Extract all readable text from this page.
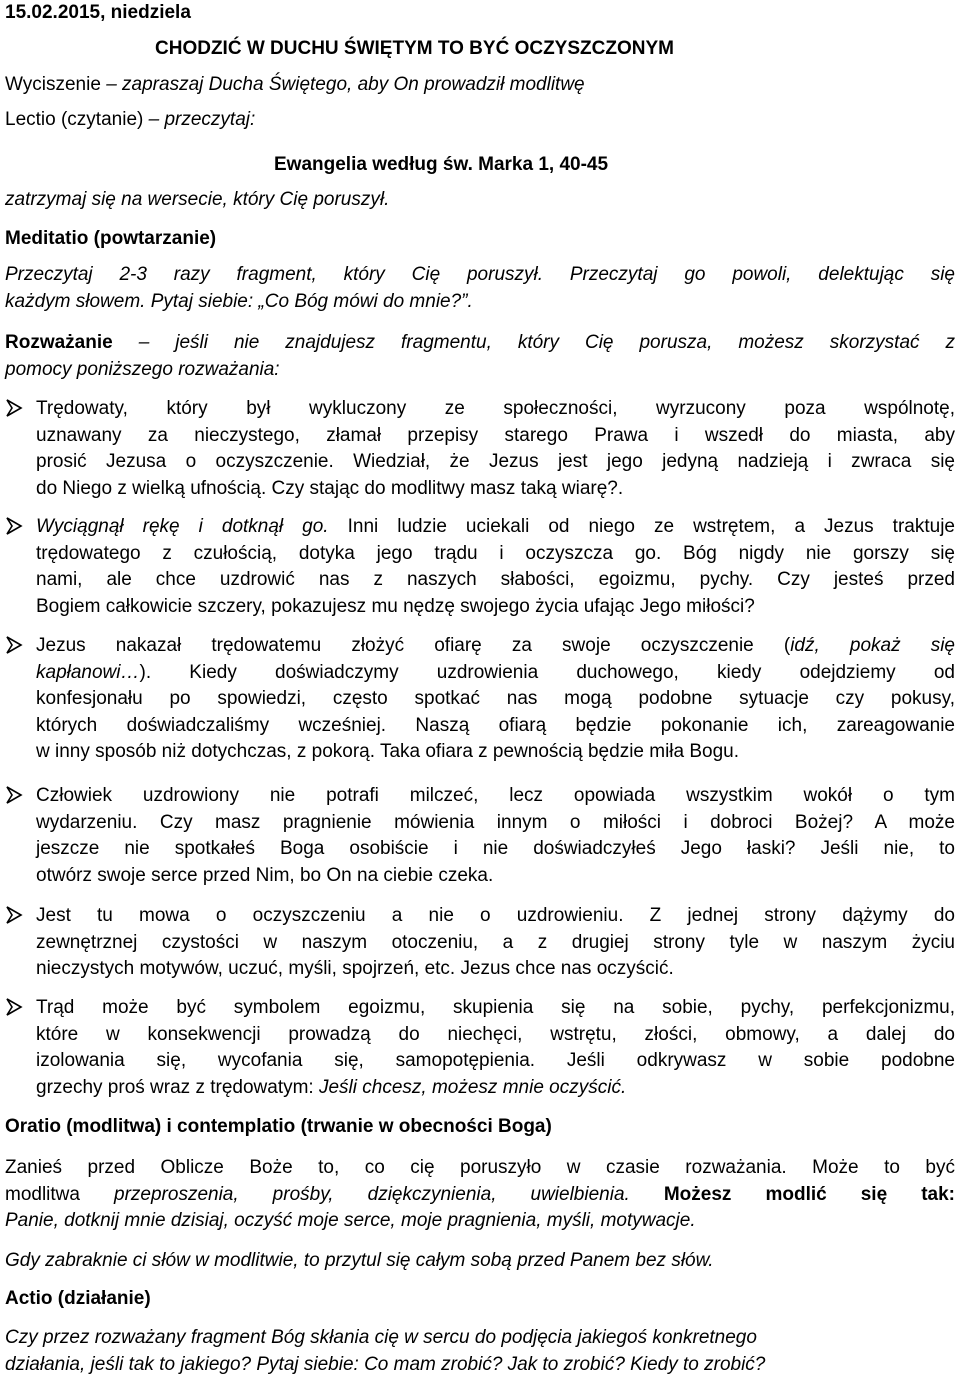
15.02.2015, niedziela
CHODZIĆ W DUCHU ŚWIĘTYM TO BYĆ OCZYSZCZONYM
Wyciszenie – zapraszaj Ducha Świętego, aby On prowadził modlitwę
Lectio (czytanie) – przeczytaj:
Ewangelia według św. Marka 1, 40-45
zatrzymaj się na wersecie, który Cię poruszył.
Meditatio (powtarzanie)
Przeczytaj 2-3 razy fragment, który Cię poruszył. Przeczytaj go powoli, delektując się
każdym słowem. Pytaj siebie: „Co Bóg mówi do mnie?”.
Rozważanie – jeśli nie znajdujesz fragmentu, który Cię porusza, możesz skorzystać z
pomocy poniższego rozważania:
Trędowaty, który był wykluczony ze społeczności, wyrzucony poza wspólnotę,
uznawany za nieczystego, złamał przepisy starego Prawa i wszedł do miasta, aby
prosić Jezusa o oczyszczenie. Wiedział, że Jezus jest jego jedyną nadzieją i zwraca się
do Niego z wielką ufnością. Czy stając do modlitwy masz taką wiarę?.
Wyciągnął rękę i dotknął go. Inni ludzie uciekali od niego ze wstrętem, a Jezus traktuje
trędowatego z czułością, dotyka jego trądu i oczyszcza go. Bóg nigdy nie gorszy się
nami, ale chce uzdrowić nas z naszych słabości, egoizmu, pychy. Czy jesteś przed
Bogiem całkowicie szczery, pokazujesz mu nędzę swojego życia ufając Jego miłości?
Jezus nakazał trędowatemu złożyć ofiarę za swoje oczyszczenie (idź, pokaż się
kapłanowi…). Kiedy doświadczymy uzdrowienia duchowego, kiedy odejdziemy od
konfesjonału po spowiedzi, często spotkać nas mogą podobne sytuacje czy pokusy,
których doświadczaliśmy wcześniej. Naszą ofiarą będzie pokonanie ich, zareagowanie
w inny sposób niż dotychczas, z pokorą. Taka ofiara z pewnością będzie miła Bogu.
Człowiek uzdrowiony nie potrafi milczeć, lecz opowiada wszystkim wokół o tym
wydarzeniu. Czy masz pragnienie mówienia innym o miłości i dobroci Bożej? A może
jeszcze nie spotkałeś Boga osobiście i nie doświadczyłeś Jego łaski? Jeśli nie, to
otwórz swoje serce przed Nim, bo On na ciebie czeka.
Jest tu mowa o oczyszczeniu a nie o uzdrowieniu. Z jednej strony dążymy do
zewnętrznej czystości w naszym otoczeniu, a z drugiej strony tyle w naszym życiu
nieczystych motywów, uczuć, myśli, spojrzeń, etc. Jezus chce nas oczyścić.
Trąd może być symbolem egoizmu, skupienia się na sobie, pychy, perfekcjonizmu,
które w konsekwencji prowadzą do niechęci, wstrętu, złości, obmowy, a dalej do
izolowania się, wycofania się, samopotępienia. Jeśli odkrywasz w sobie podobne
grzechy proś wraz z trędowatym: Jeśli chcesz, możesz mnie oczyścić.
Oratio (modlitwa) i contemplatio (trwanie w obecności Boga)
Zanieś przed Oblicze Boże to, co cię poruszyło w czasie rozważania. Może to być
modlitwa przeproszenia, prośby, dziękczynienia, uwielbienia. Możesz modlić się tak:
Panie, dotknij mnie dzisiaj, oczyść moje serce, moje pragnienia, myśli, motywacje.
Gdy zabraknie ci słów w modlitwie, to przytul się całym sobą przed Panem bez słów.
Actio (działanie)
Czy przez rozważany fragment Bóg skłania cię w sercu do podjęcia jakiegoś konkretnego
działania, jeśli tak to jakiego? Pytaj siebie: Co mam zrobić? Jak to zrobić? Kiedy to zrobić?
